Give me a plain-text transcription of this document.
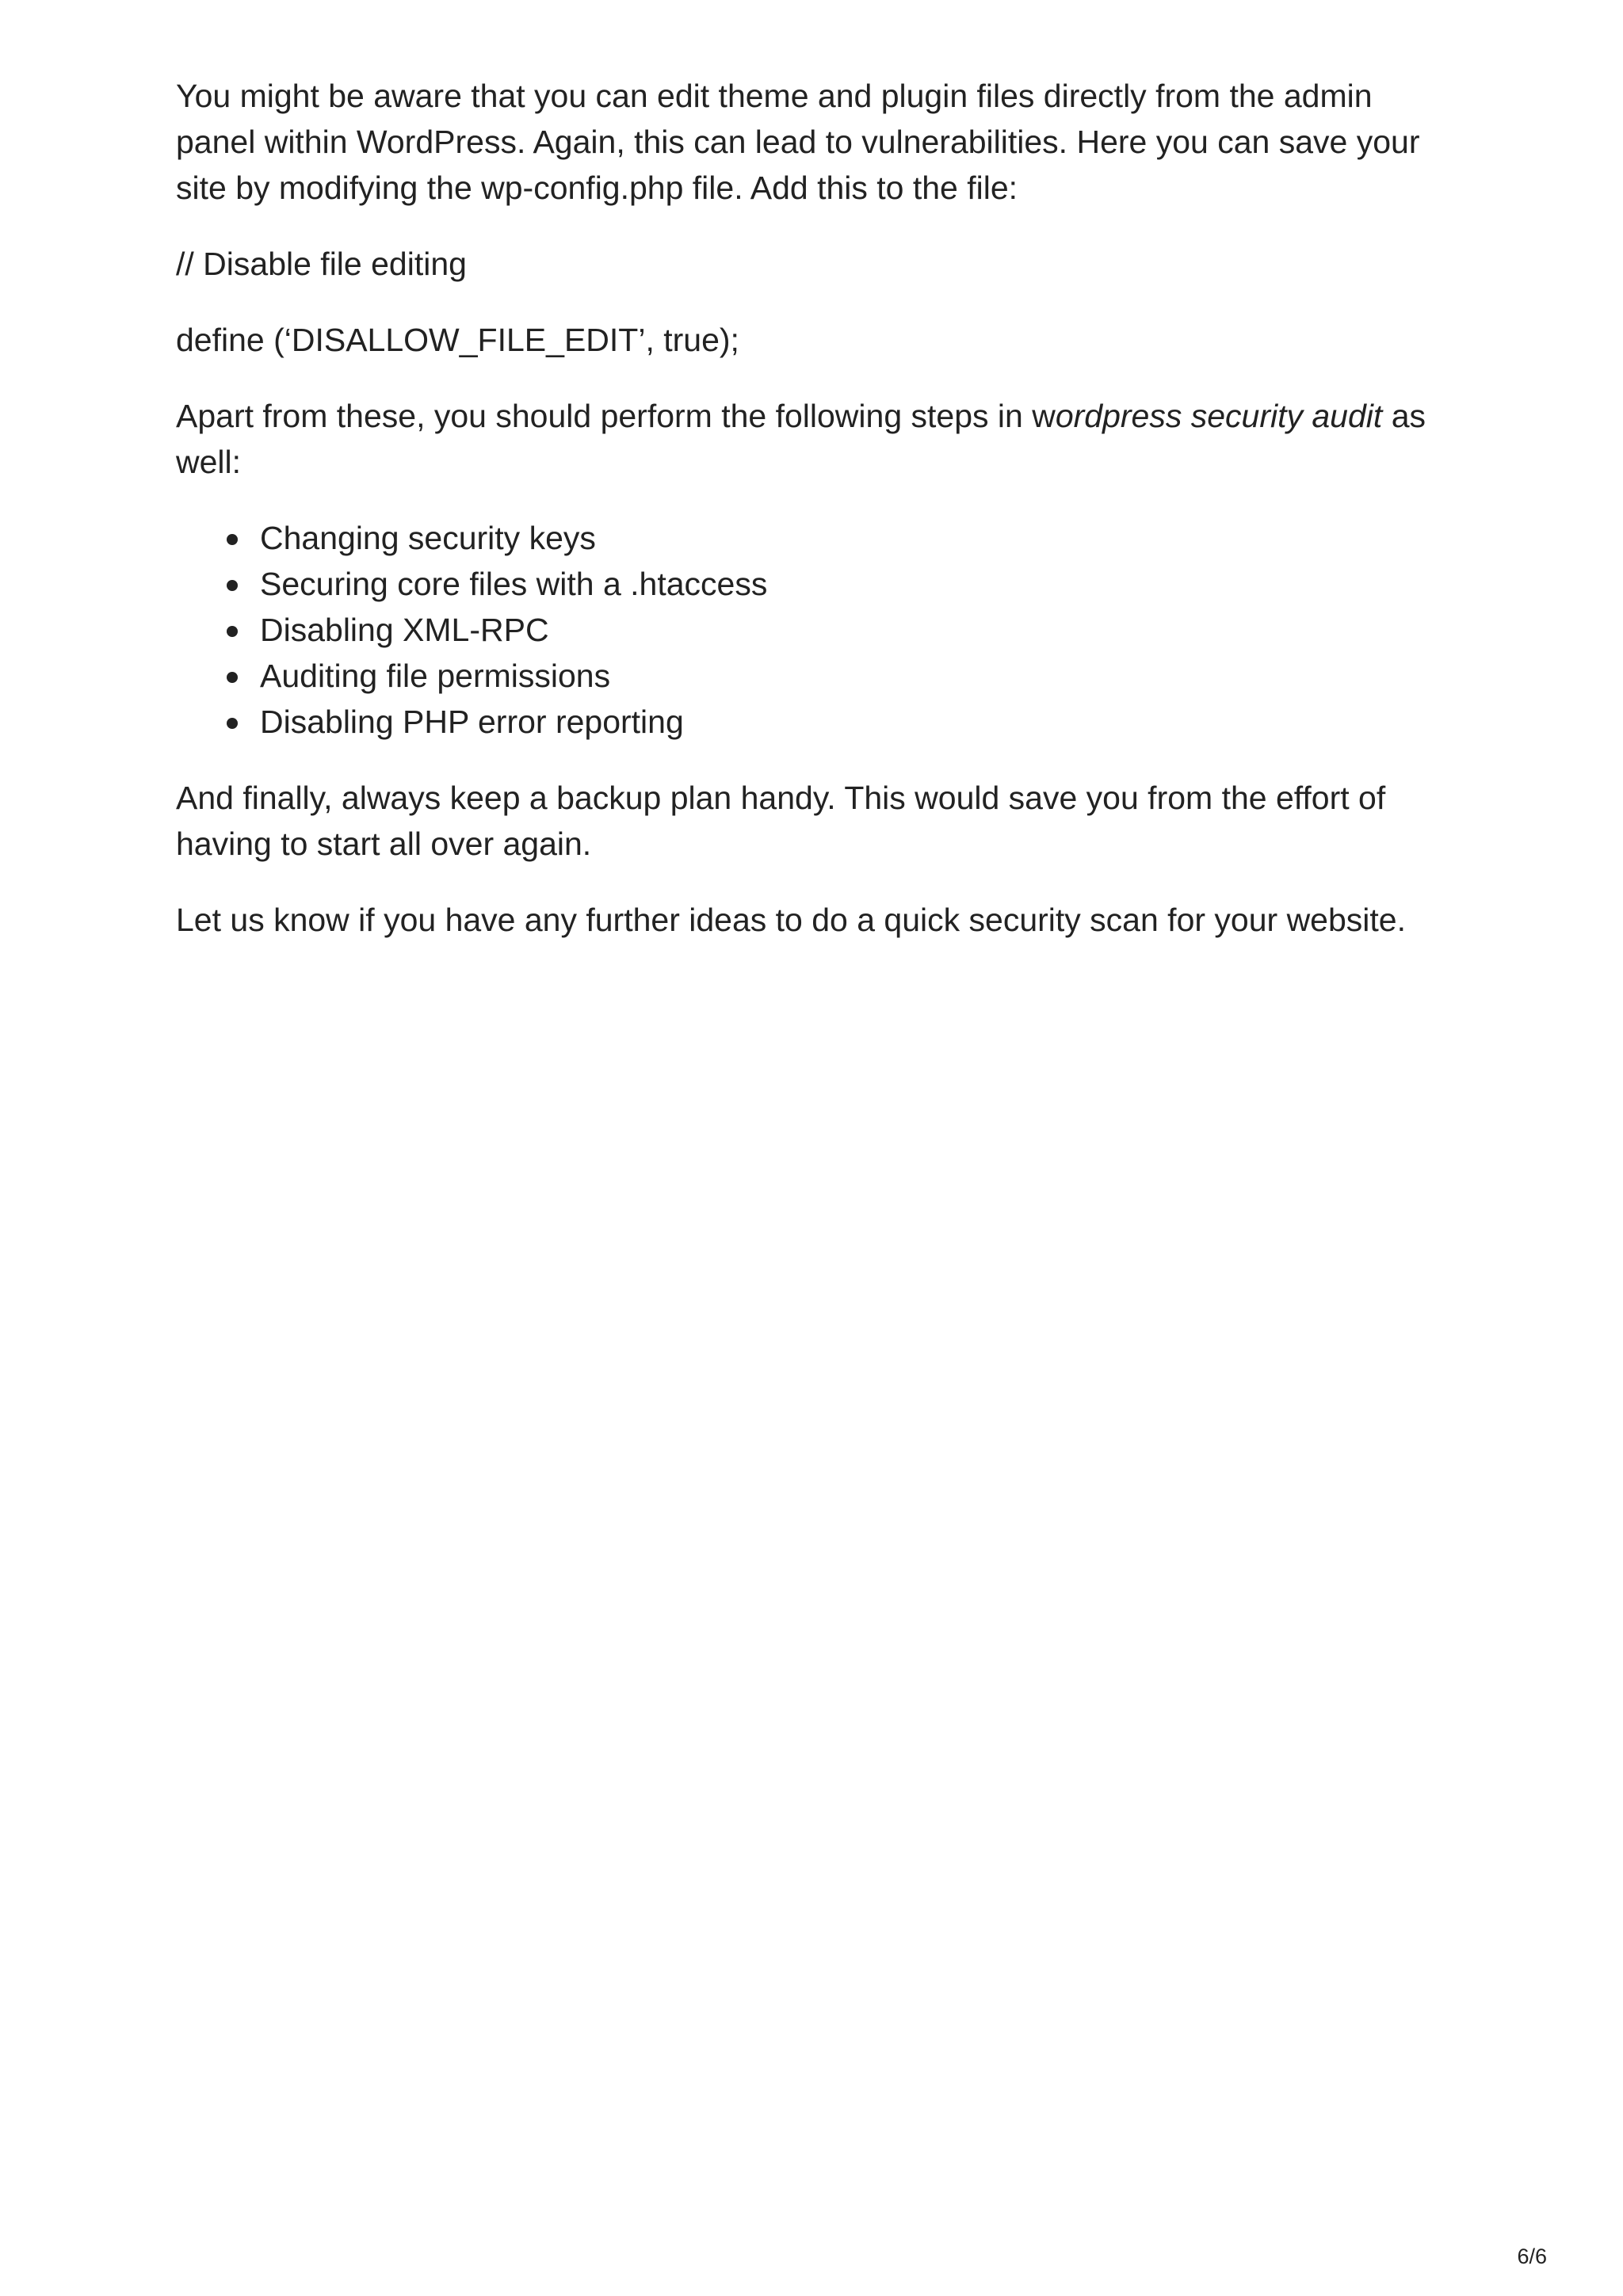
You might be aware that you can edit theme and plugin files directly from the admin panel within WordPress. Again, this can lead to vulnerabilities. Here you can save your site by modifying the wp-config.php file. Add this to the file:

// Disable file editing

define (‘DISALLOW_FILE_EDIT’, true);

Apart from these, you should perform the following steps in wordpress security audit as well:

Changing security keys
Securing core files with a .htaccess
Disabling XML-RPC
Auditing file permissions
Disabling PHP error reporting

And finally, always keep a backup plan handy. This would save you from the effort of having to start all over again.

Let us know if you have any further ideas to do a quick security scan for your website.

6/6
